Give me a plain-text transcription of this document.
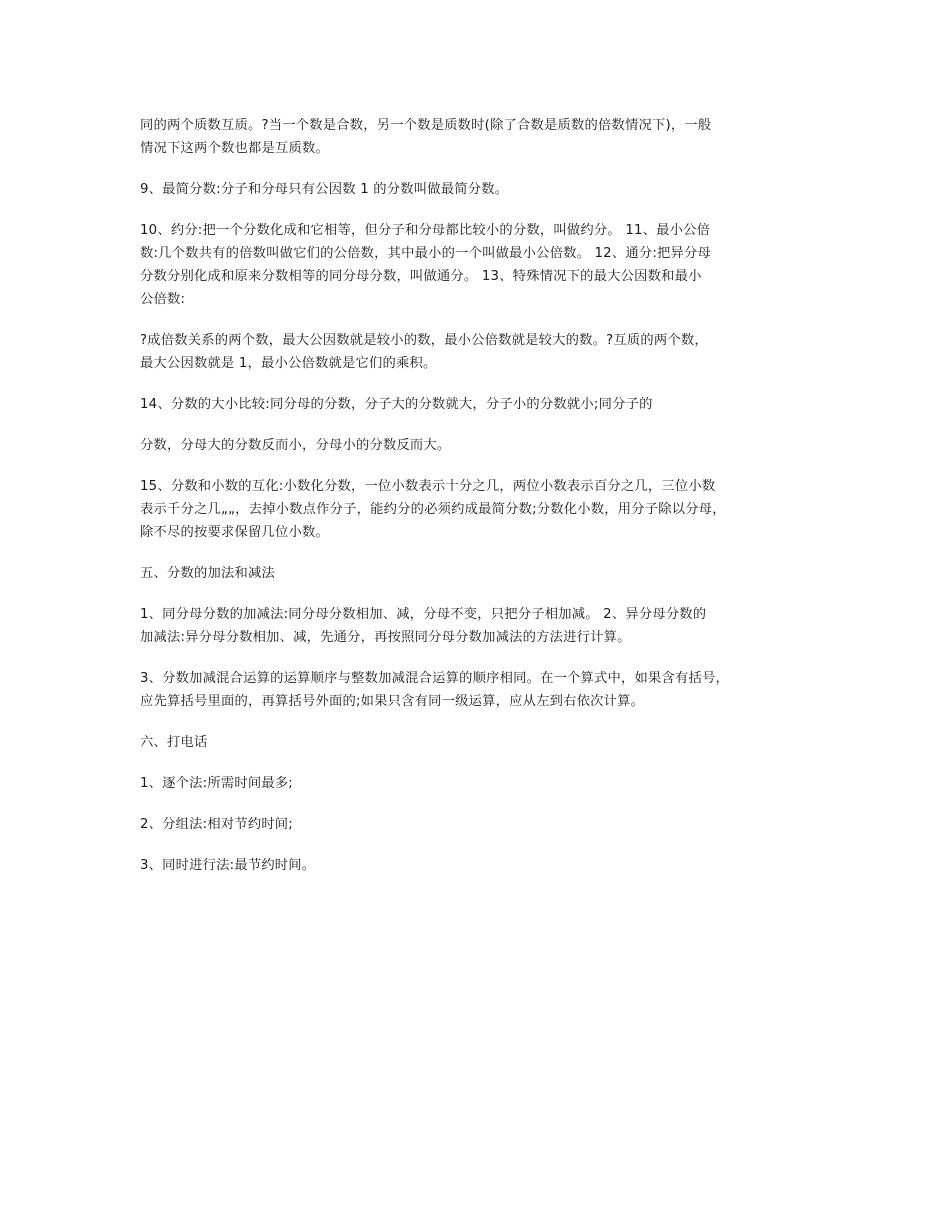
同的两个质数互质。?当一个数是合数，另一个数是质数时(除了合数是质数的倍数情况下)，一般
情况下这两个数也都是互质数。

9、最简分数:分子和分母只有公因数 1 的分数叫做最简分数。

10、约分:把一个分数化成和它相等，但分子和分母都比较小的分数，叫做约分。 11、最小公倍
数:几个数共有的倍数叫做它们的公倍数，其中最小的一个叫做最小公倍数。 12、通分:把异分母
分数分别化成和原来分数相等的同分母分数，叫做通分。 13、特殊情况下的最大公因数和最小
公倍数:

?成倍数关系的两个数，最大公因数就是较小的数，最小公倍数就是较大的数。?互质的两个数，
最大公因数就是 1，最小公倍数就是它们的乘积。

14、分数的大小比较:同分母的分数，分子大的分数就大，分子小的分数就小;同分子的

分数，分母大的分数反而小，分母小的分数反而大。

15、分数和小数的互化:小数化分数，一位小数表示十分之几，两位小数表示百分之几，三位小数
表示千分之几„„，去掉小数点作分子，能约分的必须约成最简分数;分数化小数，用分子除以分母，
除不尽的按要求保留几位小数。

五、分数的加法和减法

1、同分母分数的加减法:同分母分数相加、减，分母不变，只把分子相加减。 2、异分母分数的
加减法:异分母分数相加、减，先通分，再按照同分母分数加减法的方法进行计算。

3、分数加减混合运算的运算顺序与整数加减混合运算的顺序相同。在一个算式中，如果含有括号，
应先算括号里面的，再算括号外面的;如果只含有同一级运算，应从左到右依次计算。

六、打电话

1、逐个法:所需时间最多;

2、分组法:相对节约时间;

3、同时进行法:最节约时间。
